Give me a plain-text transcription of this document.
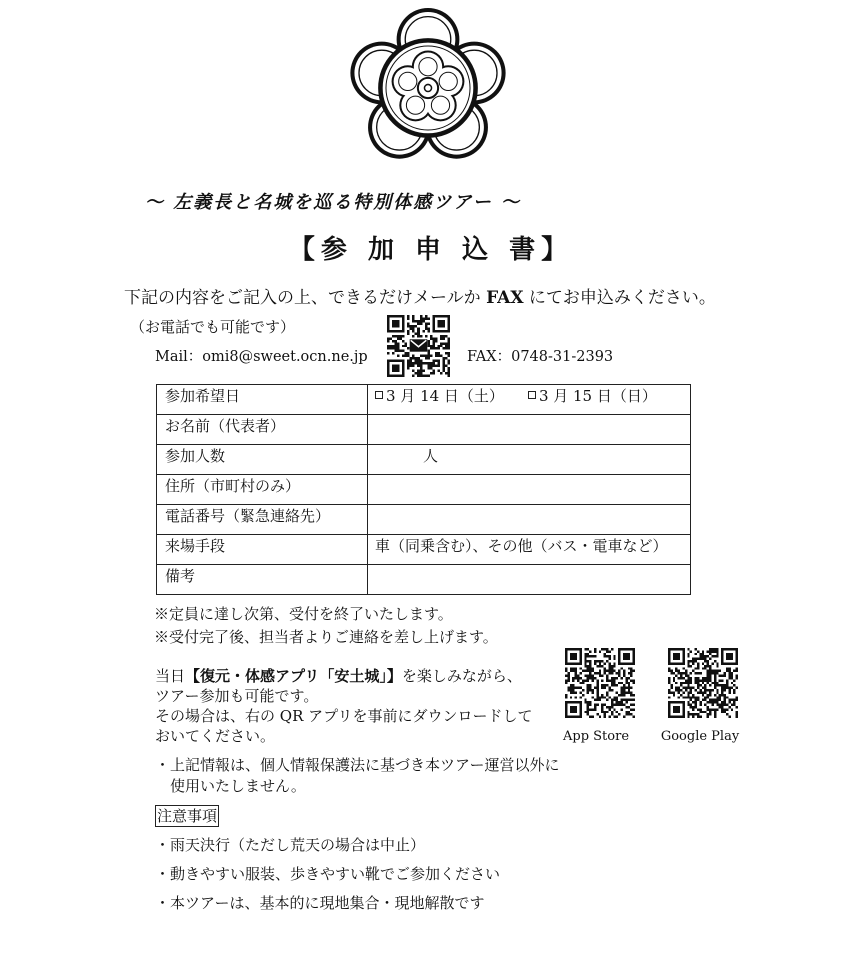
～ 左義長と名城を巡る特別体感ツアー ～
【参 加 申 込 書】
下記の内容をご記入の上、できるだけメールか FAX にてお申込みください。
（お電話でも可能です）
Mail：omi8@sweet.ocn.ne.jp	FAX：0748-31-2393
参加希望日	3 月 14 日（土） 3 月 15 日（日）
お名前（代表者）	
参加人数	人
住所（市町村のみ）	
電話番号（緊急連絡先）	
来場手段	車（同乗含む）、その他（バス・電車など）
備考	
※定員に達し次第、受付を終了いたします。
※受付完了後、担当者よりご連絡を差し上げます。
当日【復元・体感アプリ「安土城」】を楽しみながら、
ツアー参加も可能です。
その場合は、右の QR アプリを事前にダウンロードして
おいてください。	App Store Google Play
・上記情報は、個人情報保護法に基づき本ツアー運営以外に
使用いたしません。
注意事項
・雨天決行（ただし荒天の場合は中止）
・動きやすい服装、歩きやすい靴でご参加ください
・本ツアーは、基本的に現地集合・現地解散です
